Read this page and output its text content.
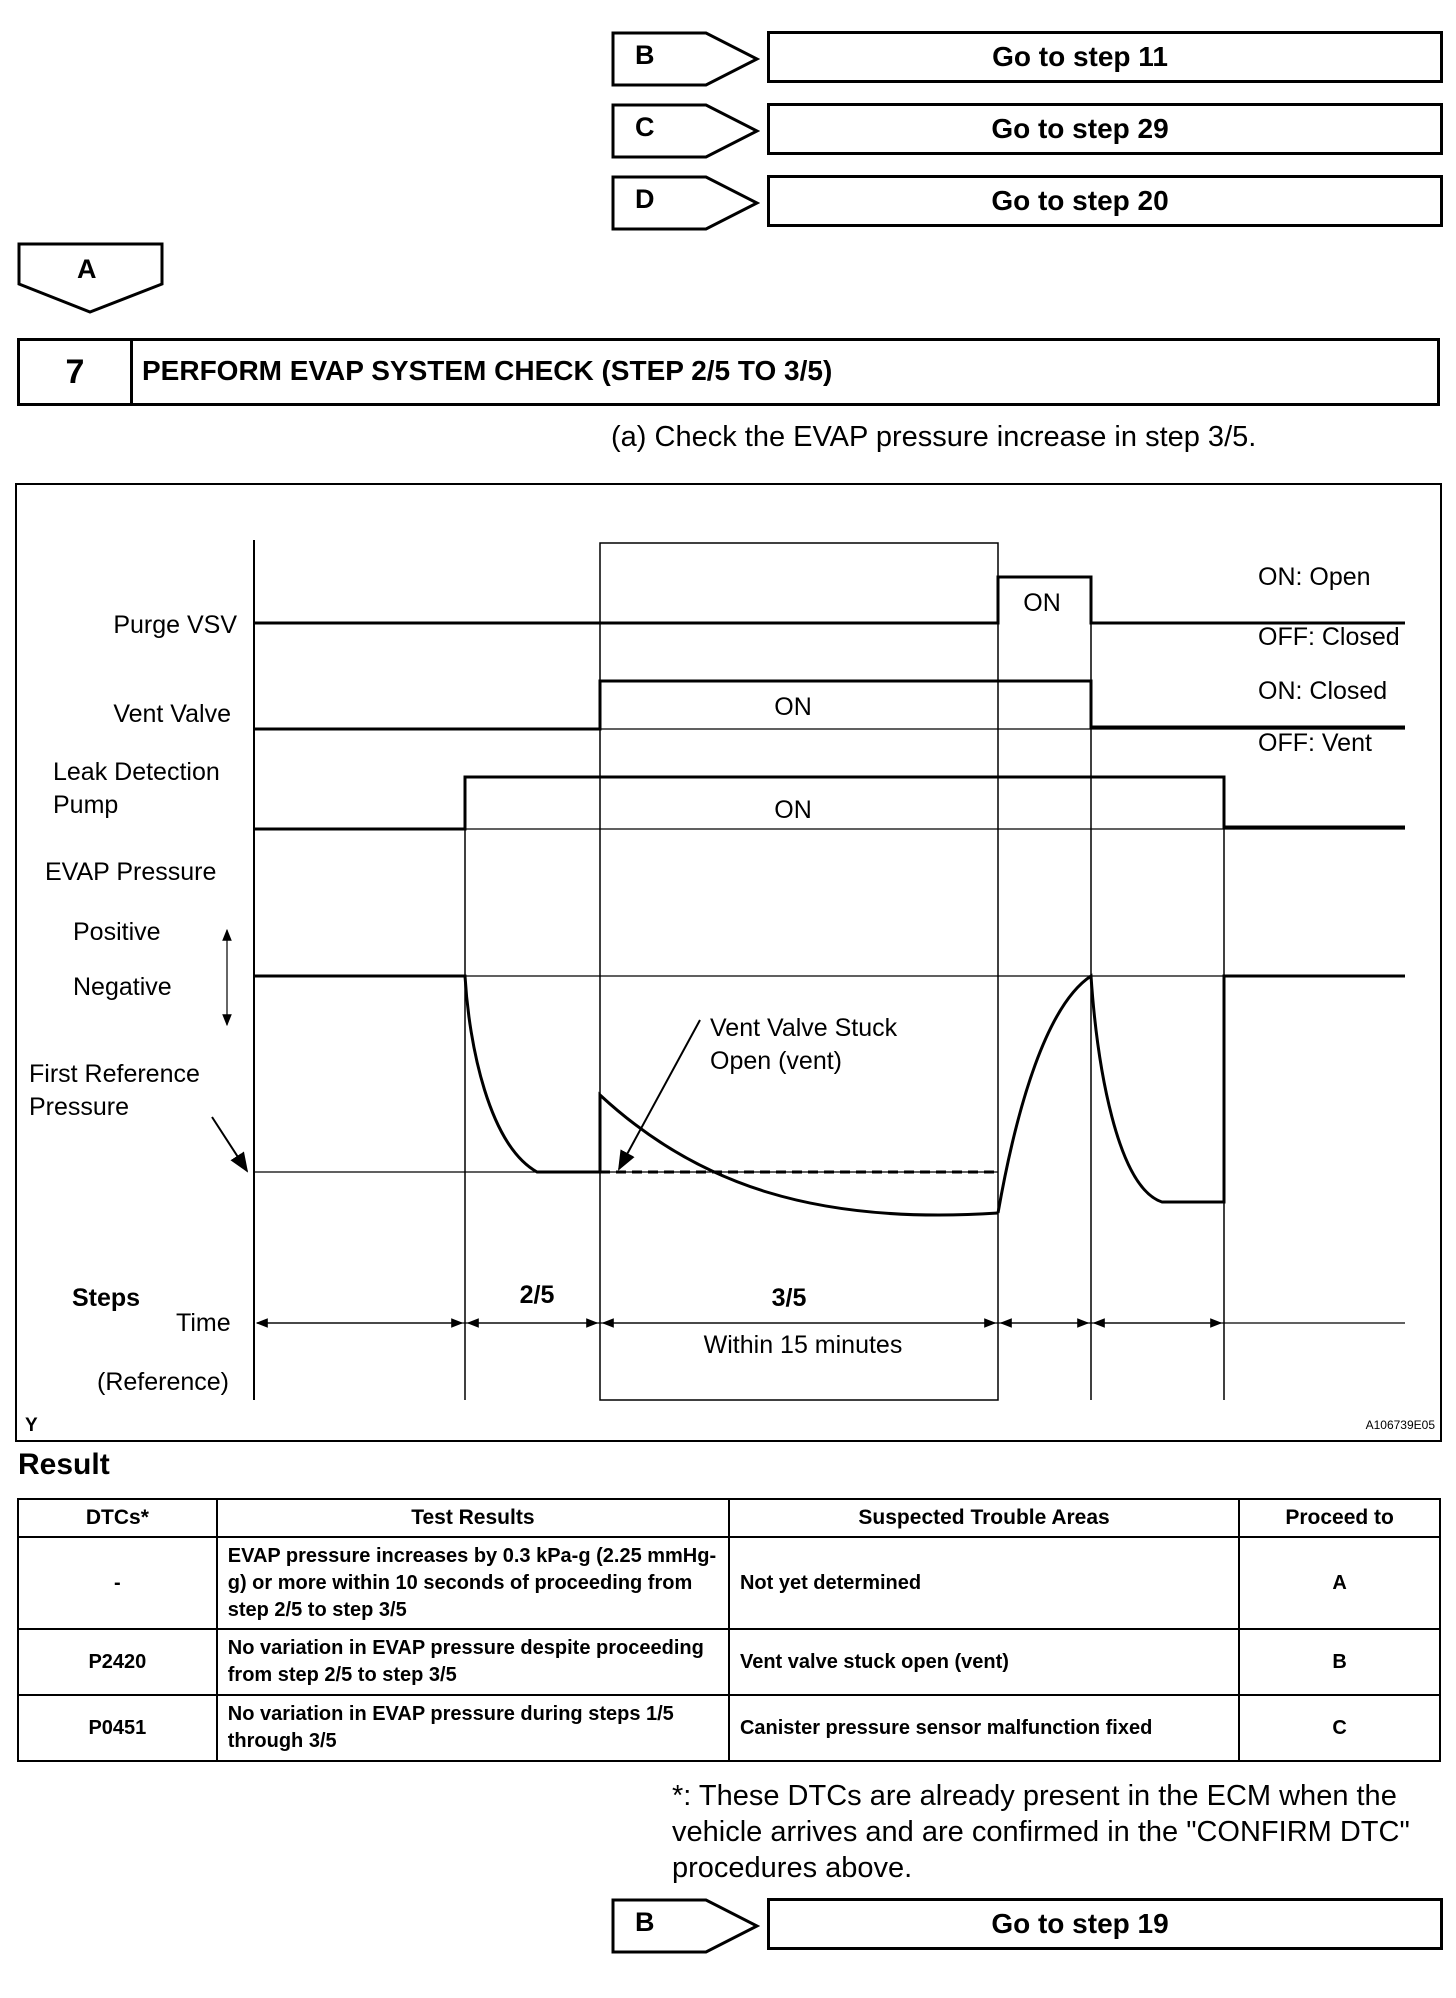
B	Go to step 11
C	Go to step 29
D	Go to step 20
A
7	PERFORM EVAP SYSTEM CHECK (STEP 2/5 TO 3/5)
(a) Check the EVAP pressure increase in step 3/5.
Purge VSV
Vent Valve
Leak Detection
Pump
EVAP Pressure
Positive
Negative
First Reference
Pressure
Steps
Time
(Reference)
ON
ON
ON
ON: Open
OFF: Closed
ON: Closed
OFF: Vent
Vent Valve Stuck
Open (vent)
2/5	3/5
Within 15 minutes
Y	A106739E05
Result
DTCs*	Test Results	Suspected Trouble Areas	Proceed to
-	EVAP pressure increases by 0.3 kPa-g (2.25 mmHg-g) or more within 10 seconds of proceeding from step 2/5 to step 3/5	Not yet determined	A
P2420	No variation in EVAP pressure despite proceeding from step 2/5 to step 3/5	Vent valve stuck open (vent)	B
P0451	No variation in EVAP pressure during steps 1/5 through 3/5	Canister pressure sensor malfunction fixed	C
*: These DTCs are already present in the ECM when the vehicle arrives and are confirmed in the "CONFIRM DTC" procedures above.
B	Go to step 19
